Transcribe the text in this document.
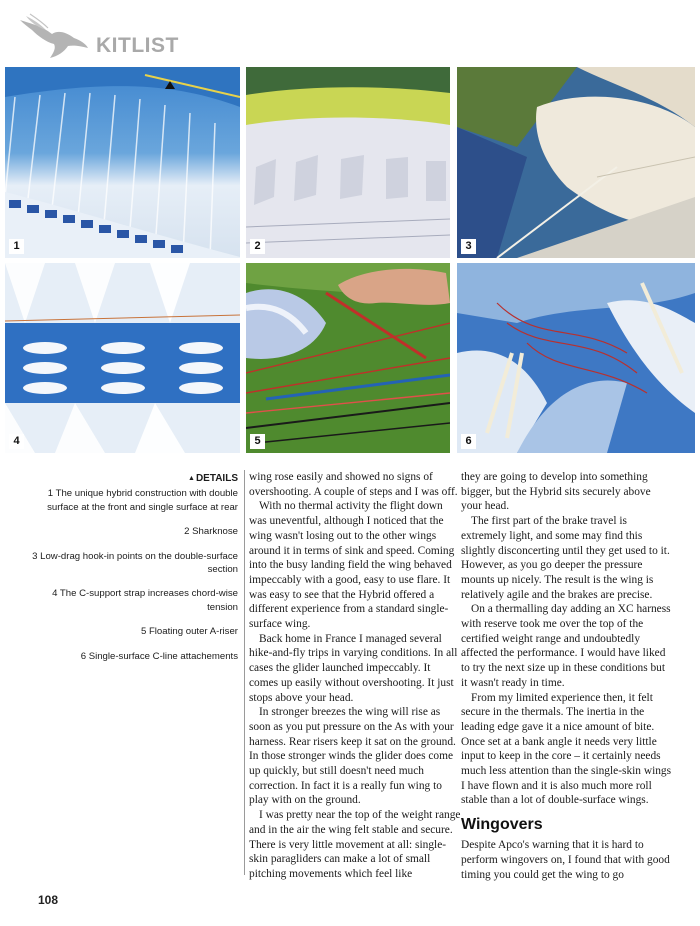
KITLIST
1	2	3
4	5	6
▲DETAILS

1 The unique hybrid construction with double surface at the front and single surface at rear

2 Sharknose

3 Low-drag hook-in points on the double-surface section

4 The C-support strap increases chord-wise tension

5 Floating outer A-riser

6 Single-surface C-line attachements

wing rose easily and showed no signs of overshooting. A couple of steps and I was off.

With no thermal activity the flight down was uneventful, although I noticed that the wing wasn't losing out to the other wings around it in terms of sink and speed. Coming into the busy landing field the wing behaved impeccably with a good, easy to use flare. It was easy to see that the Hybrid offered a different experience from a standard single-surface wing.

Back home in France I managed several hike-and-fly trips in varying conditions. In all cases the glider launched impeccably. It comes up easily without overshooting. It just stops above your head.

In stronger breezes the wing will rise as soon as you put pressure on the As with your harness. Rear risers keep it sat on the ground. In those stronger winds the glider does come up quickly, but still doesn't need much correction. In fact it is a really fun wing to play with on the ground.

I was pretty near the top of the weight range and in the air the wing felt stable and secure. There is very little movement at all: single-skin paragliders can make a lot of small pitching movements which feel like

they are going to develop into something bigger, but the Hybrid sits securely above your head.

The first part of the brake travel is extremely light, and some may find this slightly disconcerting until they get used to it. However, as you go deeper the pressure mounts up nicely. The result is the wing is relatively agile and the brakes are precise.

On a thermalling day adding an XC harness with reserve took me over the top of the certified weight range and undoubtedly affected the performance. I would have liked to try the next size up in these conditions but it wasn't ready in time.

From my limited experience then, it felt secure in the thermals. The inertia in the leading edge gave it a nice amount of bite. Once set at a bank angle it needs very little input to keep in the core – it certainly needs much less attention than the single-skin wings I have flown and it is also much more roll stable than a lot of double-surface wings.

Wingovers

Despite Apco's warning that it is hard to perform wingovers on, I found that with good timing you could get the wing to go

108
